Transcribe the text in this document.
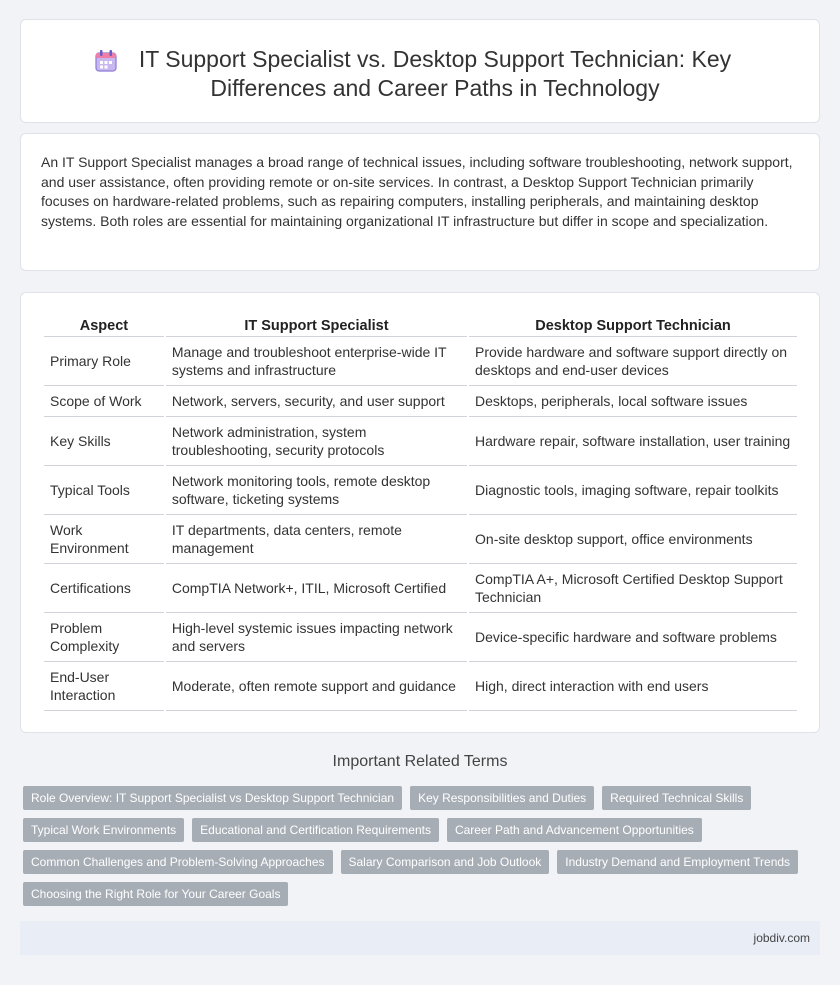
IT Support Specialist vs. Desktop Support Technician: Key Differences and Career Paths in Technology

An IT Support Specialist manages a broad range of technical issues, including software troubleshooting, network support, and user assistance, often providing remote or on-site services. In contrast, a Desktop Support Technician primarily focuses on hardware-related problems, such as repairing computers, installing peripherals, and maintaining desktop systems. Both roles are essential for maintaining organizational IT infrastructure but differ in scope and specialization.

Aspect	IT Support Specialist	Desktop Support Technician
Primary Role	Manage and troubleshoot enterprise-wide IT systems and infrastructure	Provide hardware and software support directly on desktops and end-user devices
Scope of Work	Network, servers, security, and user support	Desktops, peripherals, local software issues
Key Skills	Network administration, system troubleshooting, security protocols	Hardware repair, software installation, user training
Typical Tools	Network monitoring tools, remote desktop software, ticketing systems	Diagnostic tools, imaging software, repair toolkits
Work Environment	IT departments, data centers, remote management	On-site desktop support, office environments
Certifications	CompTIA Network+, ITIL, Microsoft Certified	CompTIA A+, Microsoft Certified Desktop Support Technician
Problem Complexity	High-level systemic issues impacting network and servers	Device-specific hardware and software problems
End-User Interaction	Moderate, often remote support and guidance	High, direct interaction with end users
Important Related Terms
Role Overview: IT Support Specialist vs Desktop Support Technician	Key Responsibilities and Duties	Required Technical Skills
Typical Work Environments	Educational and Certification Requirements	Career Path and Advancement Opportunities
Common Challenges and Problem-Solving Approaches	Salary Comparison and Job Outlook	Industry Demand and Employment Trends
Choosing the Right Role for Your Career Goals
jobdiv.com
